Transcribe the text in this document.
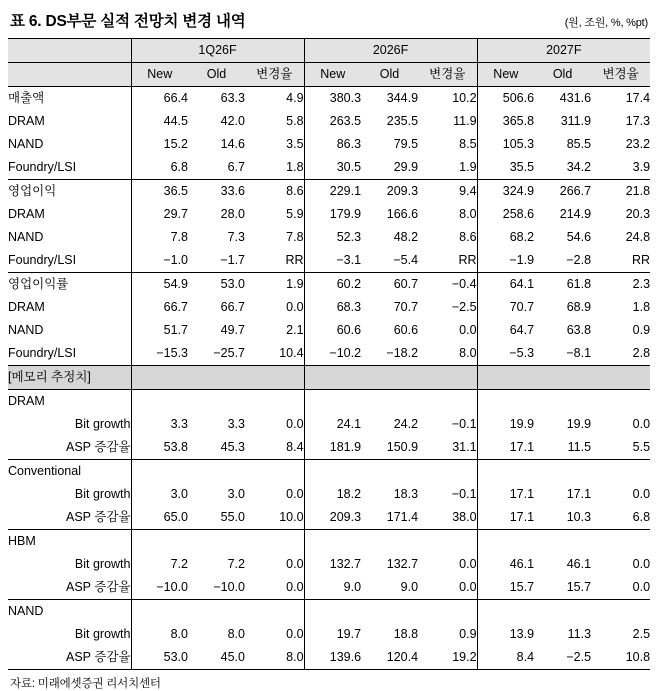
표 6. DS부문 실적 전망치 변경 내역	(원, 조원, %, %pt)
	1Q26F			2026F			2027F		
	New	Old	변경율	New	Old	변경율	New	Old	변경율
매출액	66.4	63.3	4.9	380.3	344.9	10.2	506.6	431.6	17.4
DRAM	44.5	42.0	5.8	263.5	235.5	11.9	365.8	311.9	17.3
NAND	15.2	14.6	3.5	86.3	79.5	8.5	105.3	85.5	23.2
Foundry/LSI	6.8	6.7	1.8	30.5	29.9	1.9	35.5	34.2	3.9
영업이익	36.5	33.6	8.6	229.1	209.3	9.4	324.9	266.7	21.8
DRAM	29.7	28.0	5.9	179.9	166.6	8.0	258.6	214.9	20.3
NAND	7.8	7.3	7.8	52.3	48.2	8.6	68.2	54.6	24.8
Foundry/LSI	−1.0	−1.7	RR	−3.1	−5.4	RR	−1.9	−2.8	RR
영업이익률	54.9	53.0	1.9	60.2	60.7	−0.4	64.1	61.8	2.3
DRAM	66.7	66.7	0.0	68.3	70.7	−2.5	70.7	68.9	1.8
NAND	51.7	49.7	2.1	60.6	60.6	0.0	64.7	63.8	0.9
Foundry/LSI	−15.3	−25.7	10.4	−10.2	−18.2	8.0	−5.3	−8.1	2.8
[메모리 추정치]									
DRAM									
Bit growth	3.3	3.3	0.0	24.1	24.2	−0.1	19.9	19.9	0.0
ASP 증감율	53.8	45.3	8.4	181.9	150.9	31.1	17.1	11.5	5.5
Conventional									
Bit growth	3.0	3.0	0.0	18.2	18.3	−0.1	17.1	17.1	0.0
ASP 증감율	65.0	55.0	10.0	209.3	171.4	38.0	17.1	10.3	6.8
HBM									
Bit growth	7.2	7.2	0.0	132.7	132.7	0.0	46.1	46.1	0.0
ASP 증감율	−10.0	−10.0	0.0	9.0	9.0	0.0	15.7	15.7	0.0
NAND									
Bit growth	8.0	8.0	0.0	19.7	18.8	0.9	13.9	11.3	2.5
ASP 증감율	53.0	45.0	8.0	139.6	120.4	19.2	8.4	−2.5	10.8
자료: 미래에셋증권 리서치센터
